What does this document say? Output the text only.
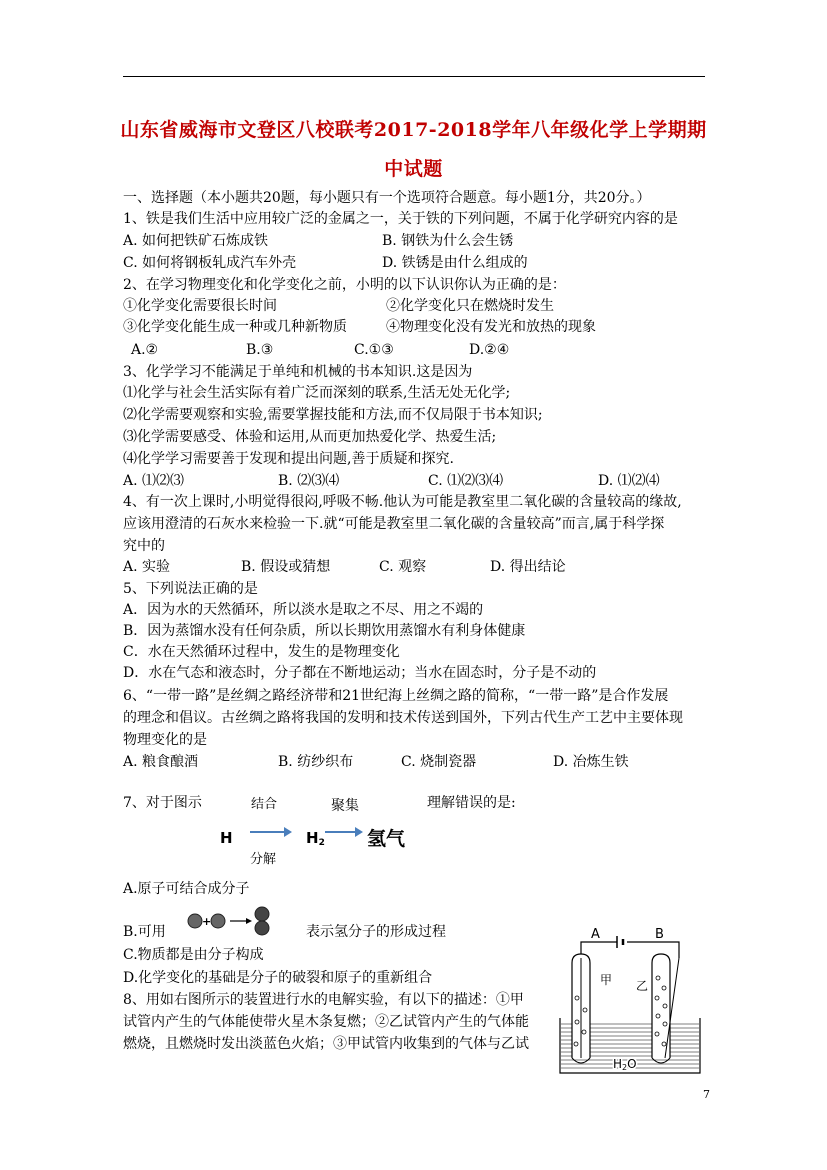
山东省威海市文登区八校联考2017-2018学年八年级化学上学期期
中试题
一、选择题（本小题共20题，每小题只有一个选项符合题意。每小题1分，共20分。）
1、铁是我们生活中应用较广泛的金属之一，关于铁的下列问题，不属于化学研究内容的是
A. 如何把铁矿石炼成铁	B. 钢铁为什么会生锈
C. 如何将钢板轧成汽车外壳	D. 铁锈是由什么组成的
2、在学习物理变化和化学变化之前，小明的以下认识你认为正确的是：
①化学变化需要很长时间	②化学变化只在燃烧时发生
③化学变化能生成一种或几种新物质	④物理变化没有发光和放热的现象
A.②	B.③	C.①③	D.②④
3、化学学习不能满足于单纯和机械的书本知识.这是因为
⑴化学与社会生活实际有着广泛而深刻的联系,生活无处无化学;
⑵化学需要观察和实验,需要掌握技能和方法,而不仅局限于书本知识;
⑶化学需要感受、体验和运用,从而更加热爱化学、热爱生活;
⑷化学学习需要善于发现和提出问题,善于质疑和探究.
A. ⑴⑵⑶	B. ⑵⑶⑷	C. ⑴⑵⑶⑷	D. ⑴⑵⑷
4、有一次上课时,小明觉得很闷,呼吸不畅.他认为可能是教室里二氧化碳的含量较高的缘故,
应该用澄清的石灰水来检验一下.就“可能是教室里二氧化碳的含量较高”而言,属于科学探
究中的
A. 实验	B. 假设或猜想	C. 观察	D. 得出结论
5、下列说法正确的是
A．因为水的天然循环，所以淡水是取之不尽、用之不竭的
B．因为蒸馏水没有任何杂质，所以长期饮用蒸馏水有利身体健康
C．水在天然循环过程中，发生的是物理变化
D．水在气态和液态时，分子都在不断地运动；当水在固态时，分子是不动的
6、“一带一路”是丝绸之路经济带和21世纪海上丝绸之路的简称，“一带一路”是合作发展
的理念和倡议。古丝绸之路将我国的发明和技术传送到国外，下列古代生产工艺中主要体现
物理变化的是
A. 粮食酿酒	B. 纺纱织布	C. 烧制瓷器	D. 冶炼生铁
7、对于图示	理解错误的是:
结合	聚集
H	H2 氢气
分解
A.原子可结合成分子
B.可用
+
表示氢分子的形成过程
C.物质都是由分子构成
D.化学变化的基础是分子的破裂和原子的重新组合
8、用如右图所示的装置进行水的电解实验，有以下的描述：①甲
试管内产生的气体能使带火星木条复燃；②乙试管内产生的气体能
燃烧，且燃烧时发出淡蓝色火焰；③甲试管内收集到的气体与乙试
A	B
甲 乙
H2O
7
